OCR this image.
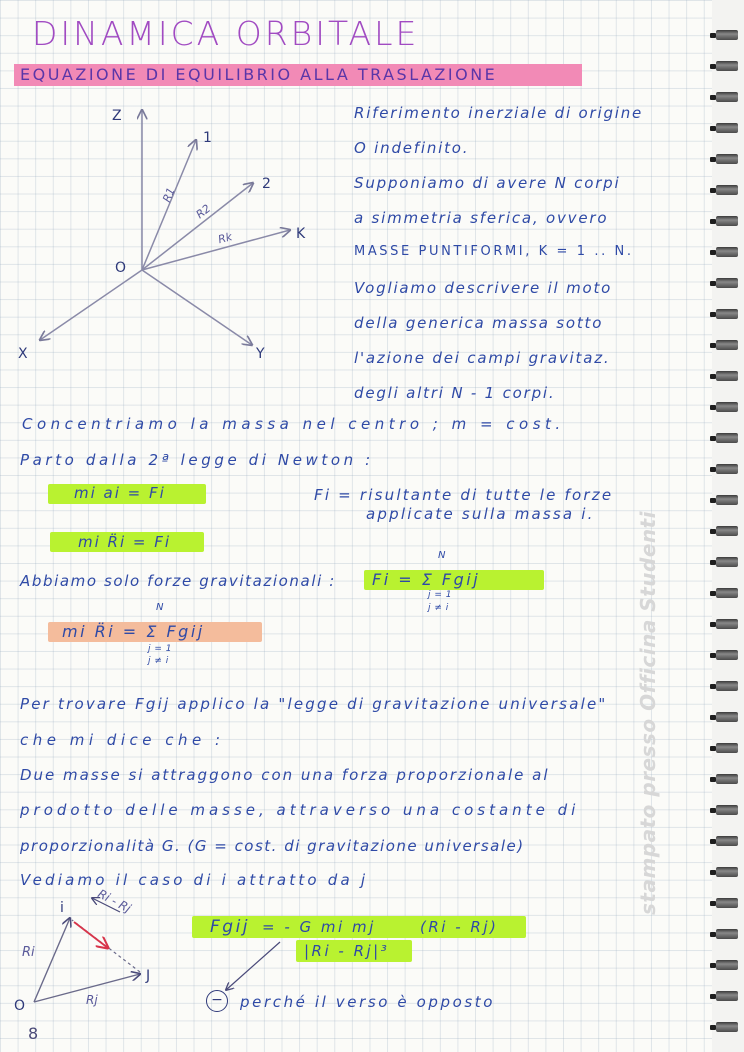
DINAMICA ORBITALE
EQUAZIONE DI EQUILIBRIO ALLA TRASLAZIONE
Z
X	Y
O
1
2
K
R1
R2
Rk
Riferimento inerziale di origine
O indefinito.
Supponiamo di avere N corpi
a simmetria sferica, ovvero
MASSE PUNTIFORMI, K = 1 .. N.
Vogliamo descrivere il moto
della generica massa sotto
l'azione dei campi gravitaz.
degli altri N - 1 corpi.
Concentriamo la massa nel centro ; m = cost.
Parto dalla 2ª legge di Newton :
mi ai = Fi	Fi = risultante di tutte le forze
applicate sulla massa i.
mi R̈i = Fi
Abbiamo solo forze gravitazionali : Fi = Σ Fgij
N
j = 1
j ≠ i
mi R̈i = Σ Fgij
N
j = 1
j ≠ i
Per trovare Fgij applico la "legge di gravitazione universale"
che mi dice che :
Due masse si attraggono con una forza proporzionale al
prodotto delle masse, attraverso una costante di
proporzionalità G. (G = cost. di gravitazione universale)
Vediamo il caso di i attratto da j
O
i
J
Ri
Rj
Ri - Rj
Fgij = - G mi mj
|Ri - Rj|³
(Ri - Rj)
−	perché il verso è opposto
stampato presso Officina Studenti
8
